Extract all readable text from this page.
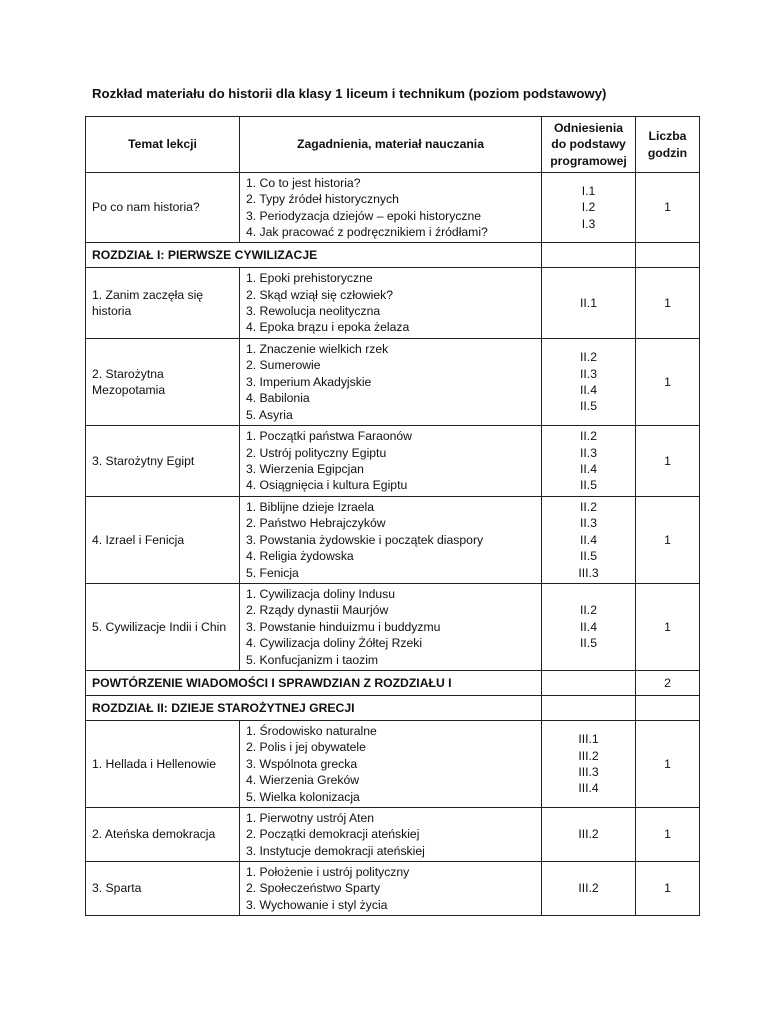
Rozkład materiału do historii dla klasy 1 liceum i technikum (poziom podstawowy)
Temat lekcji	Zagadnienia, materiał nauczania	Odniesienia
do podstawy
programowej	Liczba
godzin

Po co nam historia?	1. Co to jest historia?
2. Typy źródeł historycznych
3. Periodyzacja dziejów – epoki historyczne
4. Jak pracować z podręcznikiem i źródłami?	I.1
I.2
I.3	1
ROZDZIAŁ I: PIERWSZE CYWILIZACJE			
1. Zanim zaczęła się historia	1. Epoki prehistoryczne
2. Skąd wziął się człowiek?
3. Rewolucja neolityczna
4. Epoka brązu i epoka żelaza	II.1	1
2. Starożytna Mezopotamia	1. Znaczenie wielkich rzek
2. Sumerowie
3. Imperium Akadyjskie
4. Babilonia
5. Asyria	II.2
II.3
II.4
II.5	1
3. Starożytny Egipt	1. Początki państwa Faraonów
2. Ustrój polityczny Egiptu
3. Wierzenia Egipcjan
4. Osiągnięcia i kultura Egiptu	II.2
II.3
II.4
II.5	1
4. Izrael i Fenicja	1. Biblijne dzieje Izraela
2. Państwo Hebrajczyków
3. Powstania żydowskie i początek diaspory
4. Religia żydowska
5. Fenicja	II.2
II.3
II.4
II.5
III.3	1
5. Cywilizacje Indii i Chin	1. Cywilizacja doliny Indusu
2. Rządy dynastii Maurjów
3. Powstanie hinduizmu i buddyzmu
4. Cywilizacja doliny Żółtej Rzeki
5. Konfucjanizm i taozim	II.2
II.4
II.5	1
POWTÓRZENIE WIADOMOŚCI I SPRAWDZIAN Z ROZDZIAŁU I			2
ROZDZIAŁ II: DZIEJE STAROŻYTNEJ GRECJI			
1. Hellada i Hellenowie	1. Środowisko naturalne
2. Polis i jej obywatele
3. Wspólnota grecka
4. Wierzenia Greków
5. Wielka kolonizacja	III.1
III.2
III.3
III.4	1
2. Ateńska demokracja	1. Pierwotny ustrój Aten
2. Początki demokracji ateńskiej
3. Instytucje demokracji ateńskiej	III.2	1
3. Sparta	1. Położenie i ustrój polityczny
2. Społeczeństwo Sparty
3. Wychowanie i styl życia	III.2	1
